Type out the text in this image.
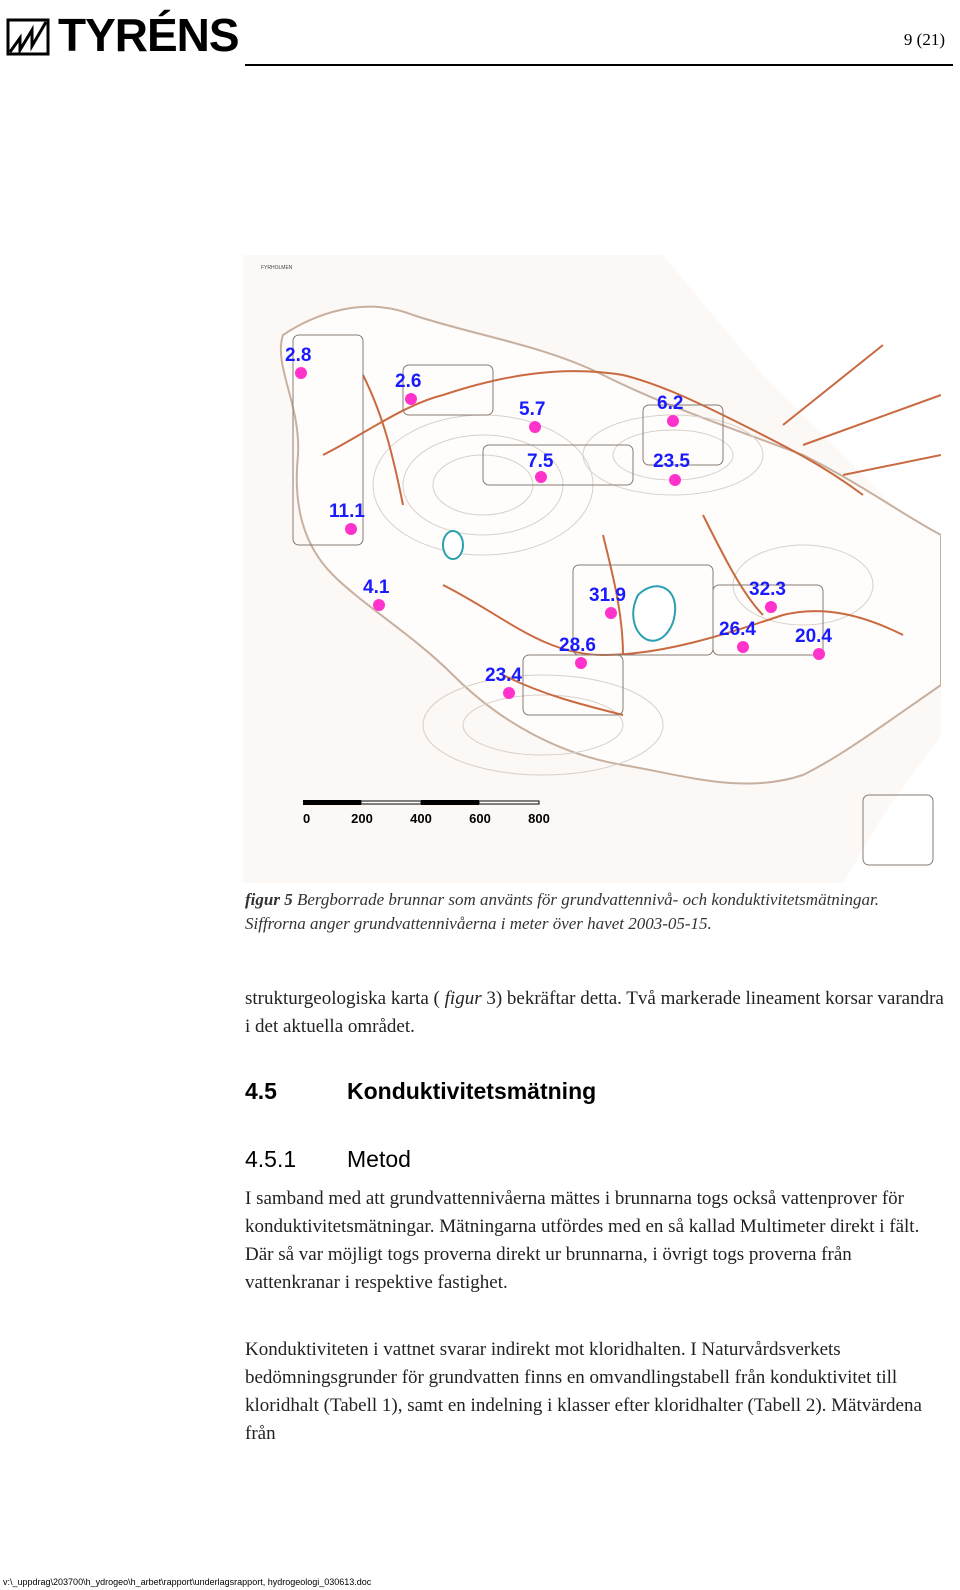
TYRÉNS	9 (21)
FYRHOLMEN
2.8
2.6
5.7	6.2
7.5	23.5
11.1
4.1	31.9	32.3
28.6
26.4 20.4
23.4
0	200	400	600	800
figur 5 Bergborrade brunnar som använts för grundvattennivå- och konduktivitetsmätningar. Siffrorna anger grundvattennivåerna i meter över havet 2003-05-15.
strukturgeologiska karta ( figur 3) bekräftar detta. Två markerade lineament korsar varandra i det aktuella området.
4.5	Konduktivitetsmätning
4.5.1 Metod
I samband med att grundvattennivåerna mättes i brunnarna togs också vattenprover för konduktivitetsmätningar. Mätningarna utfördes med en så kallad Multimeter direkt i fält. Där så var möjligt togs proverna direkt ur brunnarna, i övrigt togs proverna från vattenkranar i respektive fastighet.
Konduktiviteten i vattnet svarar indirekt mot kloridhalten. I Naturvårdsverkets bedömningsgrunder för grundvatten finns en omvandlingstabell från konduktivitet till kloridhalt (Tabell 1), samt en indelning i klasser efter kloridhalter (Tabell 2). Mätvärdena från
v:\_uppdrag\203700\h_ydrogeo\h_arbet\rapport\underlagsrapport, hydrogeologi_030613.doc
